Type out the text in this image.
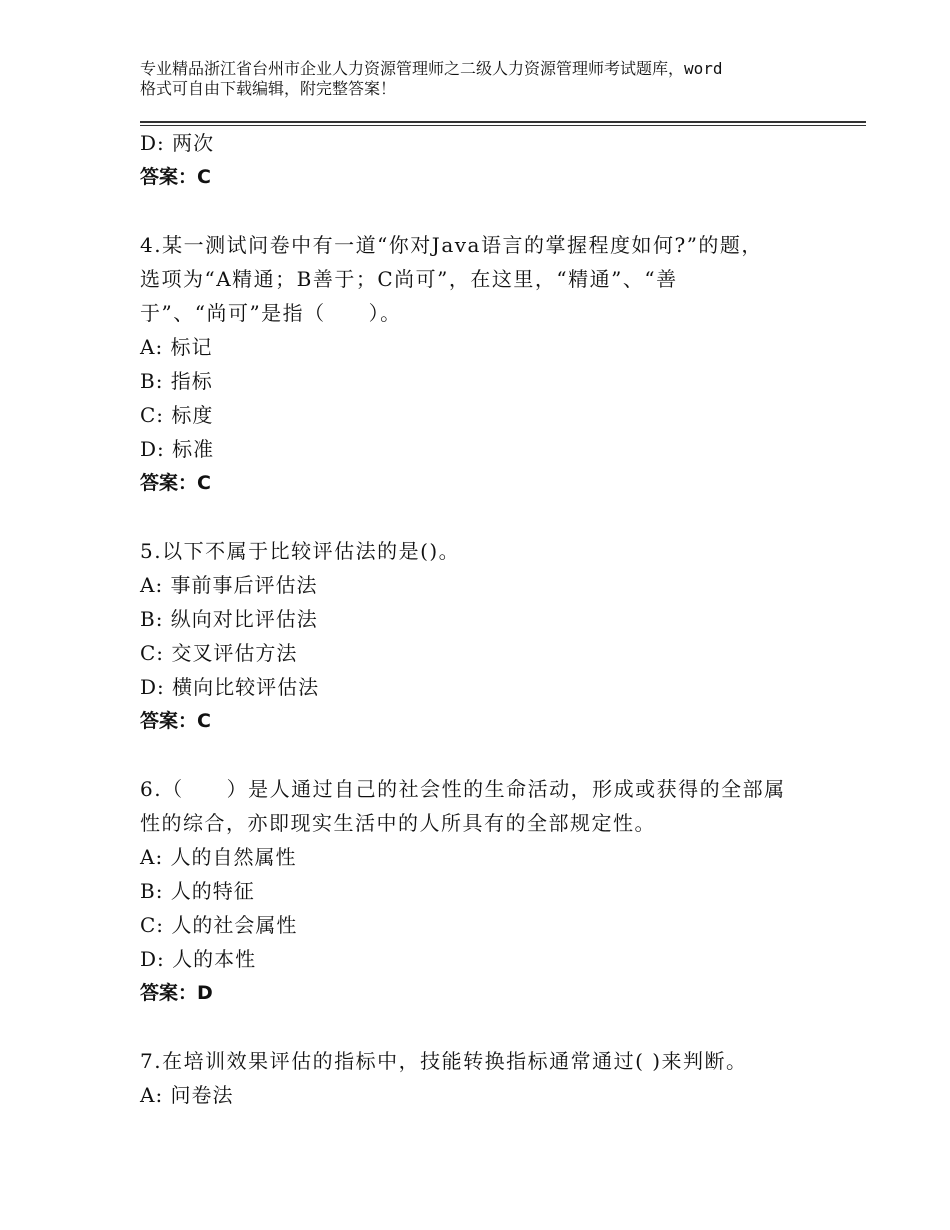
专业精品浙江省台州市企业人力资源管理师之二级人力资源管理师考试题库，word
格式可自由下载编辑，附完整答案！
D: 两次
答案：C
4.某一测试问卷中有一道“你对Java语言的掌握程度如何?”的题，
选项为“A精通；B善于；C尚可”，在这里，“精通”、“善
于”、“尚可”是指（　　）。
A: 标记
B: 指标
C: 标度
D: 标准
答案：C
5.以下不属于比较评估法的是()。
A: 事前事后评估法
B: 纵向对比评估法
C: 交叉评估方法
D: 横向比较评估法
答案：C
6.（　　）是人通过自己的社会性的生命活动，形成或获得的全部属
性的综合，亦即现实生活中的人所具有的全部规定性。
A: 人的自然属性
B: 人的特征
C: 人的社会属性
D: 人的本性
答案：D
7.在培训效果评估的指标中，技能转换指标通常通过( )来判断。
A: 问卷法
